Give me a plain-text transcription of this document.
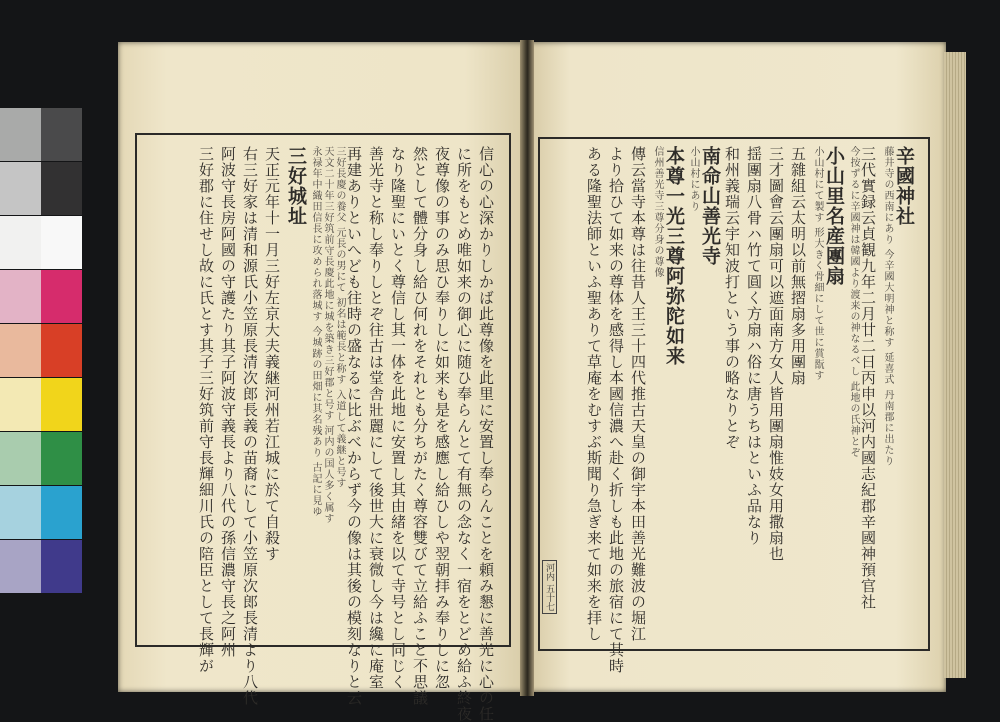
辛國神社
藤井寺の西南にあり 今辛國大明神と称す 延喜式 丹南郡に出たり
三代實録云貞観九年二月廿二日丙申以河内國志紀郡辛國神預官社
今按ずるに辛國神は韓國より渡来の神なるべし 此地の氏神とぞ
小山里名産團扇
小山村にて製す 形大きく骨細にして世に賞翫す
五雜組云太明以前無摺扇多用團扇
三才圖會云團扇可以遮面南方女人皆用團扇惟妓女用撒扇也
揺團扇八骨ハ竹て圓く方扇ハ俗に唐うちはといふ品なり
和州義瑞云宇知波打という事の略なりとぞ
南命山善光寺
小山村にあり
本尊一光三尊阿弥陀如来
信州善光寺三尊分身の尊像
傳云當寺本尊は往昔人王三十四代推古天皇の御宇本田善光難波の堀江
より拾ひて如来の尊体を感得し本國信濃へ赴く折しも此地の旅宿にて其時
ある隆聖法師といふ聖ありて草庵をむすぶ斯聞り急ぎ来て如来を拝し
信心の心深かりしかば此尊像を此里に安置し奉らんことを頼み懇に善光に心の任
に所をもとめ唯如来の御心に随ひ奉らんとて有無の念なく一宿をとどめ給ふ終夜
夜尊像の事のみ思ひ奉りしに如来も是を感應し給ひしや翌朝拝み奉りしに忽
然として體分身し給ひ何れをそれとも分ちがたく尊容雙びて立給ふこと不思議
なり隆聖にいとく尊信し其一体を此地に安置し其由緒を以て寺号とし同じく
善光寺と称し奉りしとぞ往古は堂舎壯麗にして後世大に衰微し今は纔に庵室
再建ありといへども往時の盛なるに比ぶべからず今の像は其後の模刻なりと云
三好長慶の養父 元長の男にて 初名は範長と称す 入道して義継と号す
天文二十年三好筑前守長慶此地に城を築き三好郡と号す 河内の国人多く属す
永禄年中織田信長に攻められ落城す 今城跡の田畑に其名残あり 古記に見ゆ
三好城址
天正元年十一月三好左京大夫義継河州若江城に於て自殺す
右三好家は清和源氏小笠原長清次郎長義の苗裔にして小笠原次郎長清より八代
阿波守長房阿國の守護たり其子阿波守義長より八代の孫信濃守長之阿州
三好郡に住せし故に氏とす其子三好筑前守長輝細川氏の陪臣として長輝が	河内 五十七
